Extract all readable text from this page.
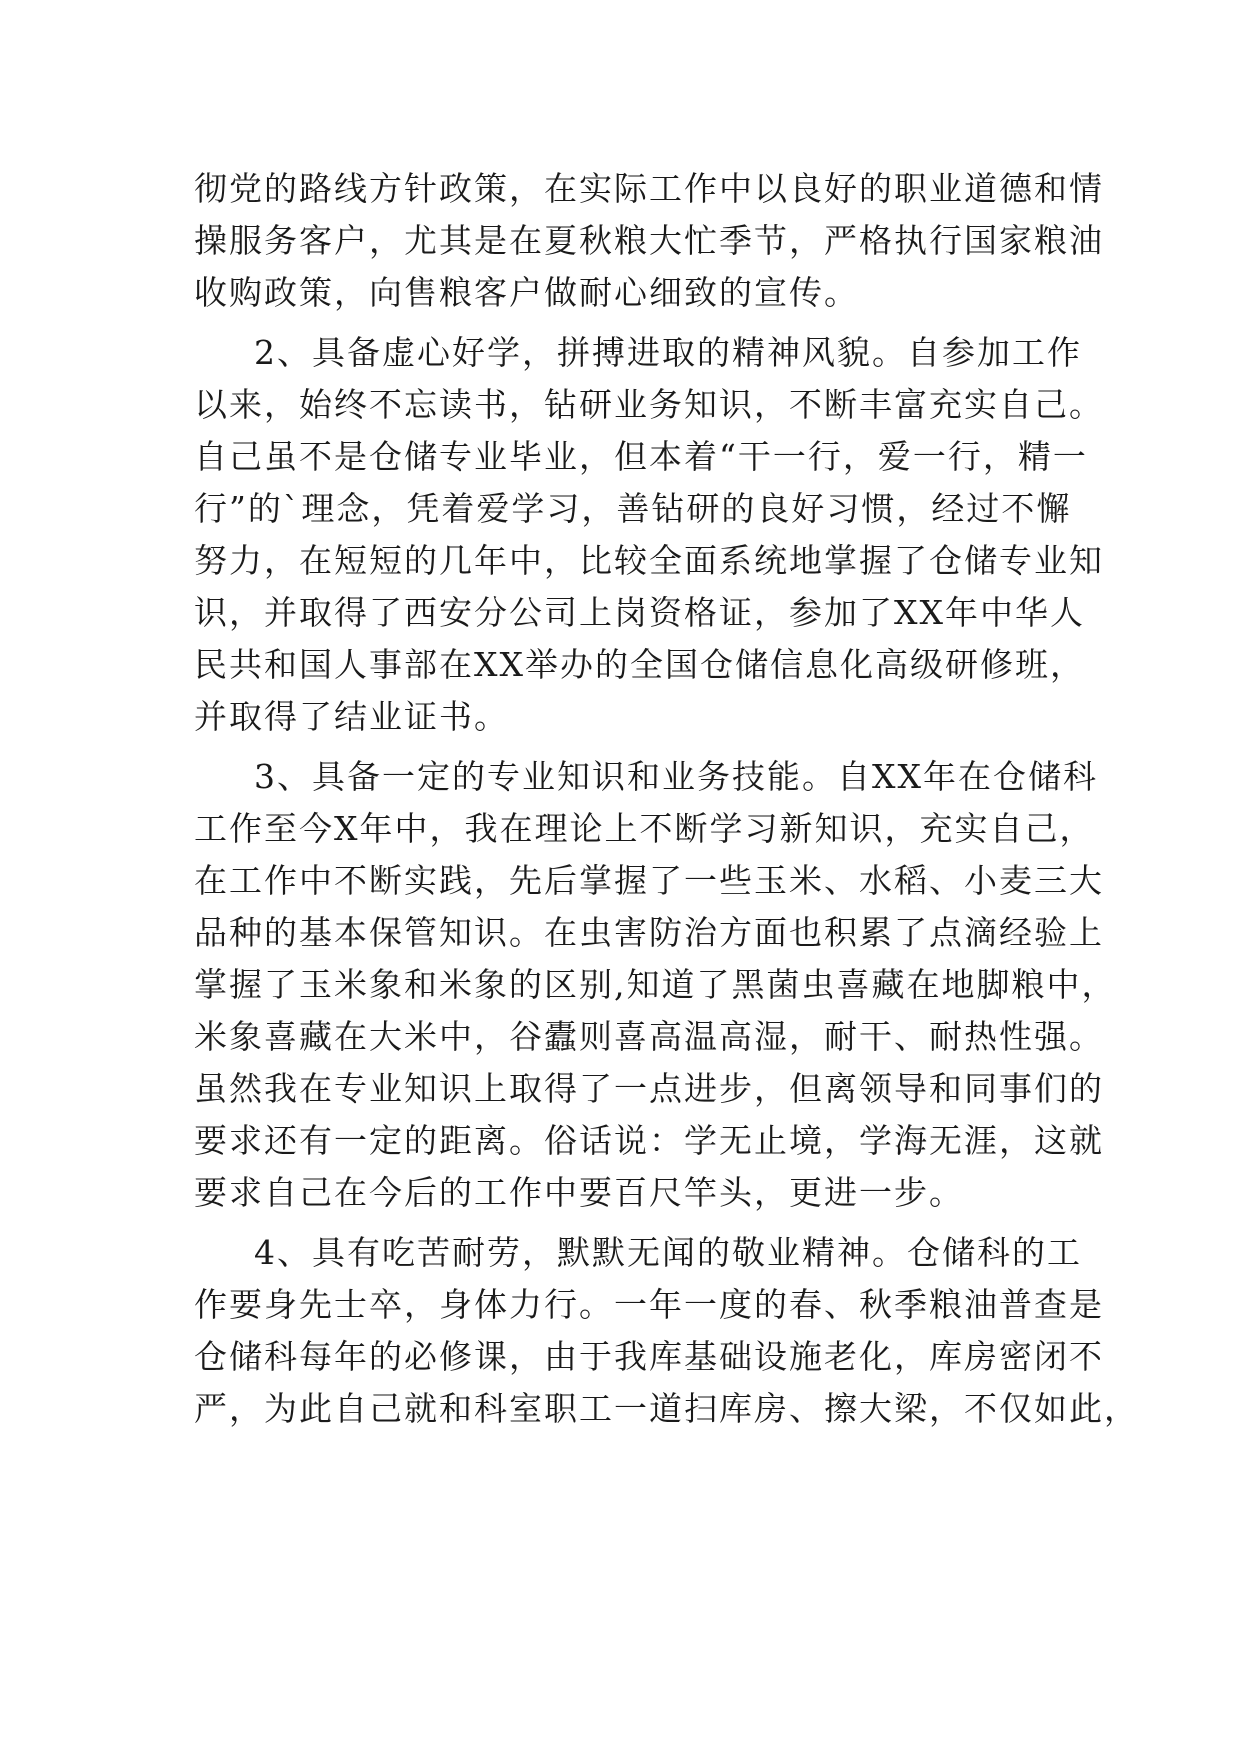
彻党的路线方针政策，在实际工作中以良好的职业道德和情
操服务客户，尤其是在夏秋粮大忙季节，严格执行国家粮油
收购政策，向售粮客户做耐心细致的宣传。
2、具备虚心好学，拼搏进取的精神风貌。自参加工作
以来，始终不忘读书，钻研业务知识，不断丰富充实自己。
自己虽不是仓储专业毕业，但本着“干一行，爱一行，精一
行”的`理念，凭着爱学习，善钻研的良好习惯，经过不懈
努力，在短短的几年中，比较全面系统地掌握了仓储专业知
识，并取得了西安分公司上岗资格证，参加了XX年中华人
民共和国人事部在XX举办的全国仓储信息化高级研修班，
并取得了结业证书。
3、具备一定的专业知识和业务技能。自XX年在仓储科
工作至今X年中，我在理论上不断学习新知识，充实自己，
在工作中不断实践，先后掌握了一些玉米、水稻、小麦三大
品种的基本保管知识。在虫害防治方面也积累了点滴经验上
掌握了玉米象和米象的区别,知道了黑菌虫喜藏在地脚粮中，
米象喜藏在大米中，谷蠹则喜高温高湿，耐干、耐热性强。
虽然我在专业知识上取得了一点进步，但离领导和同事们的
要求还有一定的距离。俗话说：学无止境，学海无涯，这就
要求自己在今后的工作中要百尺竿头，更进一步。
4、具有吃苦耐劳，默默无闻的敬业精神。仓储科的工
作要身先士卒，身体力行。一年一度的春、秋季粮油普查是
仓储科每年的必修课，由于我库基础设施老化，库房密闭不
严，为此自己就和科室职工一道扫库房、擦大梁，不仅如此，
